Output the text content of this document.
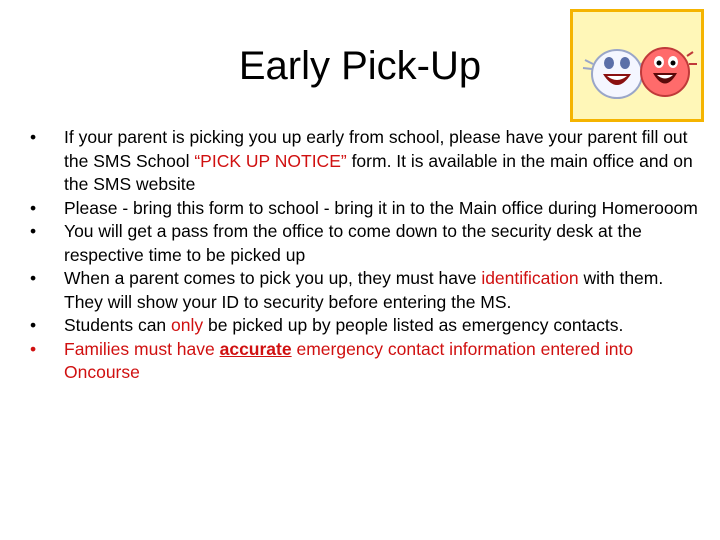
Early Pick-Up
• If your parent is picking you up early from school, please have your parent fill out the SMS School “PICK UP NOTICE” form. It is available in the main office and on the SMS website
• Please - bring this form to school - bring it in to the Main office during Homerooom
• You will get a pass from the office to come down to the security desk at the respective time to be picked up
• When a parent comes to pick you up, they must have identification with them. They will show your ID to security before entering the MS.
• Students can only be picked up by people listed as emergency contacts.
• Families must have accurate emergency contact information entered into Oncourse
